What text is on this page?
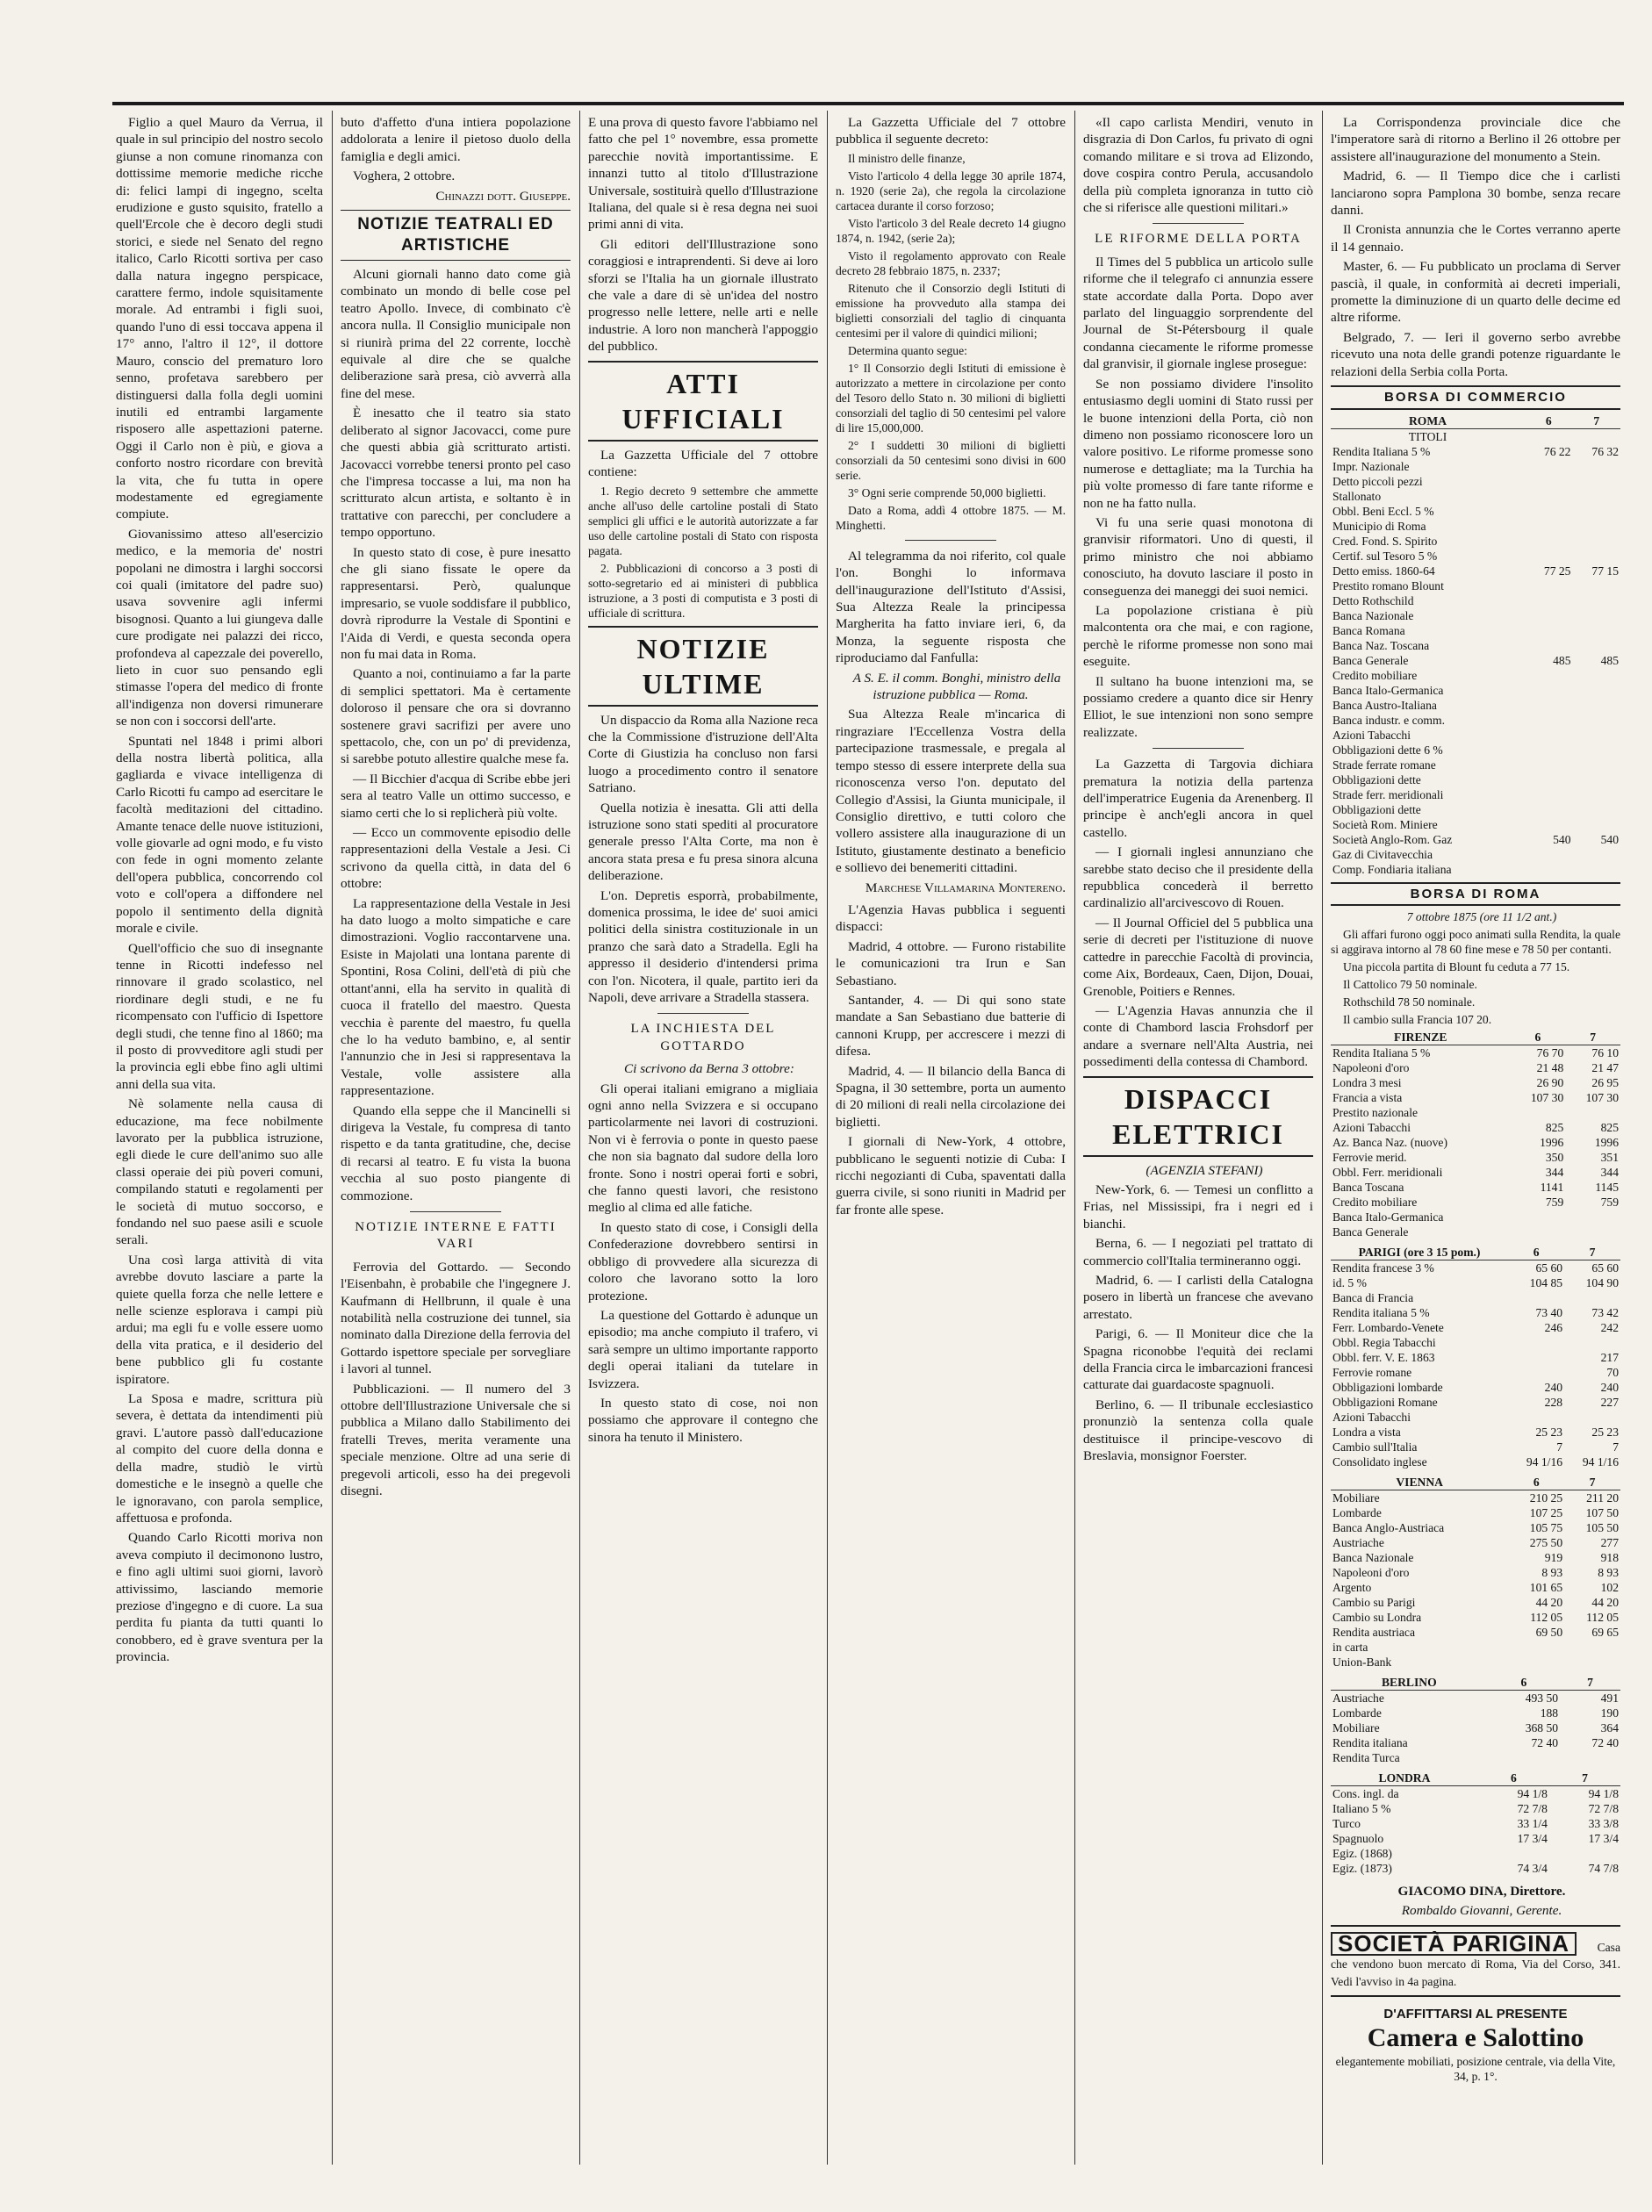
Figlio a quel Mauro da Verrua, il quale in sul principio del nostro secolo giunse a non comune rinomanza con dottissime memorie mediche ricche di: felici lampi di ingegno, scelta erudizione e gusto squisito, fratello a quell'Ercole che è decoro degli studi storici, e siede nel Senato del regno italico, Carlo Ricotti sortiva per caso dalla natura ingegno perspicace, carattere fermo, indole squisitamente morale. Ad entrambi i figli suoi, quando l'uno di essi toccava appena il 17° anno, l'altro il 12°, il dottore Mauro, conscio del prematuro loro senno, profetava sarebbero per distinguersi dalla folla degli uomini inutili ed entrambi largamente risposero alle aspettazioni paterne. Oggi il Carlo non è più, e giova a conforto nostro ricordare con brevità la vita, che fu tutta in opere modestamente ed egregiamente compiute.

Giovanissimo atteso all'esercizio medico, e la memoria de' nostri popolani ne dimostra i larghi soccorsi coi quali (imitatore del padre suo) usava sovvenire agli infermi bisognosi. Quanto a lui giungeva dalle cure prodigate nei palazzi dei ricco, profondeva al capezzale dei poverello, lieto in cuor suo pensando egli stimasse l'opera del medico di fronte all'indigenza non doversi rimunerare se non con i soccorsi dell'arte.

Spuntati nel 1848 i primi albori della nostra libertà politica, alla gagliarda e vivace intelligenza di Carlo Ricotti fu campo ad esercitare le facoltà meditazioni del cittadino. Amante tenace delle nuove istituzioni, volle giovarle ad ogni modo, e fu visto con fede in ogni momento zelante dell'opera pubblica, concorrendo col voto e coll'opera a diffondere nel popolo il sentimento della dignità morale e civile.

Quell'officio che suo di insegnante tenne in Ricotti indefesso nel rinnovare il grado scolastico, nel riordinare degli studi, e ne fu ricompensato con l'ufficio di Ispettore degli studi, che tenne fino al 1860; ma il posto di provveditore agli studi per la provincia egli ebbe fino agli ultimi anni della sua vita.

Nè solamente nella causa di educazione, ma fece nobilmente lavorato per la pubblica istruzione, egli diede le cure dell'animo suo alle classi operaie dei più poveri comuni, compilando statuti e regolamenti per le società di mutuo soccorso, e fondando nel suo paese asili e scuole serali.

Una così larga attività di vita avrebbe dovuto lasciare a parte la quiete quella forza che nelle lettere e nelle scienze esplorava i campi più ardui; ma egli fu e volle essere uomo della vita pratica, e il desiderio del bene pubblico gli fu costante ispiratore.

La Sposa e madre, scrittura più severa, è dettata da intendimenti più gravi. L'autore passò dall'educazione al compito del cuore della donna e della madre, studiò le virtù domestiche e le insegnò a quelle che le ignoravano, con parola semplice, affettuosa e profonda.

Quando Carlo Ricotti moriva non aveva compiuto il decimonono lustro, e fino agli ultimi suoi giorni, lavorò attivissimo, lasciando memorie preziose d'ingegno e di cuore. La sua perdita fu pianta da tutti quanti lo conobbero, ed è grave sventura per la provincia.

buto d'affetto d'una intiera popolazione addolorata a lenire il pietoso duolo della famiglia e degli amici.

Voghera, 2 ottobre.

Chinazzi dott. Giuseppe.
NOTIZIE TEATRALI ED ARTISTICHE

Alcuni giornali hanno dato come già combinato un mondo di belle cose pel teatro Apollo. Invece, di combinato c'è ancora nulla. Il Consiglio municipale non si riunirà prima del 22 corrente, locchè equivale al dire che se qualche deliberazione sarà presa, ciò avverrà alla fine del mese.

È inesatto che il teatro sia stato deliberato al signor Jacovacci, come pure che questi abbia già scritturato artisti. Jacovacci vorrebbe tenersi pronto pel caso che l'impresa toccasse a lui, ma non ha scritturato alcun artista, e soltanto è in trattative con parecchi, per concludere a tempo opportuno.

In questo stato di cose, è pure inesatto che gli siano fissate le opere da rappresentarsi. Però, qualunque impresario, se vuole soddisfare il pubblico, dovrà riprodurre la Vestale di Spontini e l'Aida di Verdi, e questa seconda opera non fu mai data in Roma.

Quanto a noi, continuiamo a far la parte di semplici spettatori. Ma è certamente doloroso il pensare che ora si dovranno sostenere gravi sacrifizi per avere uno spettacolo, che, con un po' di previdenza, si sarebbe potuto allestire qualche mese fa.

— Il Bicchier d'acqua di Scribe ebbe jeri sera al teatro Valle un ottimo successo, e siamo certi che lo si replicherà più volte.

— Ecco un commovente episodio delle rappresentazioni della Vestale a Jesi. Ci scrivono da quella città, in data del 6 ottobre:

La rappresentazione della Vestale in Jesi ha dato luogo a molto simpatiche e care dimostrazioni. Voglio raccontarvene una. Esiste in Majolati una lontana parente di Spontini, Rosa Colini, dell'età di più che ottant'anni, ella ha servito in qualità di cuoca il fratello del maestro. Questa vecchia è parente del maestro, fu quella che lo ha veduto bambino, e, al sentir l'annunzio che in Jesi si rappresentava la Vestale, volle assistere alla rappresentazione.

Quando ella seppe che il Mancinelli si dirigeva la Vestale, fu compresa di tanto rispetto e da tanta gratitudine, che, decise di recarsi al teatro. E fu vista la buona vecchia al suo posto piangente di commozione.

NOTIZIE INTERNE E FATTI VARI

Ferrovia del Gottardo. — Secondo l'Eisenbahn, è probabile che l'ingegnere J. Kaufmann di Hellbrunn, il quale è una notabilità nella costruzione dei tunnel, sia nominato dalla Direzione della ferrovia del Gottardo ispettore speciale per sorvegliare i lavori al tunnel.

Pubblicazioni. — Il numero del 3 ottobre dell'Illustrazione Universale che si pubblica a Milano dallo Stabilimento dei fratelli Treves, merita veramente una speciale menzione. Oltre ad una serie di pregevoli articoli, esso ha dei pregevoli disegni.

E una prova di questo favore l'abbiamo nel fatto che pel 1° novembre, essa promette parecchie novità importantissime. E innanzi tutto al titolo d'Illustrazione Universale, sostituirà quello d'Illustrazione Italiana, del quale si è resa degna nei suoi primi anni di vita.

Gli editori dell'Illustrazione sono coraggiosi e intraprendenti. Si deve ai loro sforzi se l'Italia ha un giornale illustrato che vale a dare di sè un'idea del nostro progresso nelle lettere, nelle arti e nelle industrie. A loro non mancherà l'appoggio del pubblico.

ATTI UFFICIALI

La Gazzetta Ufficiale del 7 ottobre contiene:

1. Regio decreto 9 settembre che ammette anche all'uso delle cartoline postali di Stato semplici gli uffici e le autorità autorizzate a far uso delle cartoline postali di Stato con risposta pagata.

2. Pubblicazioni di concorso a 3 posti di sotto-segretario ed ai ministeri di pubblica istruzione, a 3 posti di computista e 3 posti di ufficiale di scrittura.

NOTIZIE ULTIME

Un dispaccio da Roma alla Nazione reca che la Commissione d'istruzione dell'Alta Corte di Giustizia ha concluso non farsi luogo a procedimento contro il senatore Satriano.

Quella notizia è inesatta. Gli atti della istruzione sono stati spediti al procuratore generale presso l'Alta Corte, ma non è ancora stata presa e fu presa sinora alcuna deliberazione.

L'on. Depretis esporrà, probabilmente, domenica prossima, le idee de' suoi amici politici della sinistra costituzionale in un pranzo che sarà dato a Stradella. Egli ha appresso il desiderio d'intendersi prima con l'on. Nicotera, il quale, partito ieri da Napoli, deve arrivare a Stradella stassera.

LA INCHIESTA DEL GOTTARDO

Ci scrivono da Berna 3 ottobre:

Gli operai italiani emigrano a migliaia ogni anno nella Svizzera e si occupano particolarmente nei lavori di costruzioni. Non vi è ferrovia o ponte in questo paese che non sia bagnato dal sudore della loro fronte. Sono i nostri operai forti e sobri, che fanno questi lavori, che resistono meglio al clima ed alle fatiche.

In questo stato di cose, i Consigli della Confederazione dovrebbero sentirsi in obbligo di provvedere alla sicurezza di coloro che lavorano sotto la loro protezione.

La questione del Gottardo è adunque un episodio; ma anche compiuto il trafero, vi sarà sempre un ultimo importante rapporto degli operai italiani da tutelare in Isvizzera.

In questo stato di cose, noi non possiamo che approvare il contegno che sinora ha tenuto il Ministero.

La Gazzetta Ufficiale del 7 ottobre pubblica il seguente decreto:

Il ministro delle finanze,

Visto l'articolo 4 della legge 30 aprile 1874, n. 1920 (serie 2a), che regola la circolazione cartacea durante il corso forzoso;

Visto l'articolo 3 del Reale decreto 14 giugno 1874, n. 1942, (serie 2a);

Visto il regolamento approvato con Reale decreto 28 febbraio 1875, n. 2337;

Ritenuto che il Consorzio degli Istituti di emissione ha provveduto alla stampa dei biglietti consorziali del taglio di cinquanta centesimi per il valore di quindici milioni;

Determina quanto segue:

1° Il Consorzio degli Istituti di emissione è autorizzato a mettere in circolazione per conto del Tesoro dello Stato n. 30 milioni di biglietti consorziali del taglio di 50 centesimi pel valore di lire 15,000,000.

2° I suddetti 30 milioni di biglietti consorziali da 50 centesimi sono divisi in 600 serie.

3° Ogni serie comprende 50,000 biglietti.

Dato a Roma, addì 4 ottobre 1875. — M. Minghetti.

Al telegramma da noi riferito, col quale l'on. Bonghi lo informava dell'inaugurazione dell'Istituto d'Assisi, Sua Altezza Reale la principessa Margherita ha fatto inviare ieri, 6, da Monza, la seguente risposta che riproduciamo dal Fanfulla:

A S. E. il comm. Bonghi, ministro della istruzione pubblica — Roma.

Sua Altezza Reale m'incarica di ringraziare l'Eccellenza Vostra della partecipazione trasmessale, e pregala al tempo stesso di essere interprete della sua riconoscenza verso l'on. deputato del Collegio d'Assisi, la Giunta municipale, il Consiglio direttivo, e tutti coloro che vollero assistere alla inaugurazione di un Istituto, giustamente destinato a beneficio e sollievo dei benemeriti cittadini.

Marchese Villamarina Montereno.

L'Agenzia Havas pubblica i seguenti dispacci:

Madrid, 4 ottobre. — Furono ristabilite le comunicazioni tra Irun e San Sebastiano.

Santander, 4. — Di qui sono state mandate a San Sebastiano due batterie di cannoni Krupp, per accrescere i mezzi di difesa.

Madrid, 4. — Il bilancio della Banca di Spagna, il 30 settembre, porta un aumento di 20 milioni di reali nella circolazione dei biglietti.

I giornali di New-York, 4 ottobre, pubblicano le seguenti notizie di Cuba: I ricchi negozianti di Cuba, spaventati dalla guerra civile, si sono riuniti in Madrid per far fronte alle spese.

«Il capo carlista Mendiri, venuto in disgrazia di Don Carlos, fu privato di ogni comando militare e si trova ad Elizondo, dove cospira contro Perula, accusandolo della più completa ignoranza in tutto ciò che si riferisce alle questioni militari.»

LE RIFORME DELLA PORTA

Il Times del 5 pubblica un articolo sulle riforme che il telegrafo ci annunzia essere state accordate dalla Porta. Dopo aver parlato del linguaggio sorprendente del Journal de St-Pétersbourg il quale condanna ciecamente le riforme promesse dal granvisir, il giornale inglese prosegue:

Se non possiamo dividere l'insolito entusiasmo degli uomini di Stato russi per le buone intenzioni della Porta, ciò non dimeno non possiamo riconoscere loro un valore positivo. Le riforme promesse sono numerose e dettagliate; ma la Turchia ha più volte promesso di fare tante riforme e non ne ha fatto nulla.

Vi fu una serie quasi monotona di granvisir riformatori. Uno di questi, il primo ministro che noi abbiamo conosciuto, ha dovuto lasciare il posto in conseguenza dei maneggi dei suoi nemici.

La popolazione cristiana è più malcontenta ora che mai, e con ragione, perchè le riforme promesse non sono mai eseguite.

Il sultano ha buone intenzioni ma, se possiamo credere a quanto dice sir Henry Elliot, le sue intenzioni non sono sempre realizzate.

La Gazzetta di Targovia dichiara prematura la notizia della partenza dell'imperatrice Eugenia da Arenenberg. Il principe è anch'egli ancora in quel castello.

— I giornali inglesi annunziano che sarebbe stato deciso che il presidente della repubblica concederà il berretto cardinalizio all'arcivescovo di Rouen.

— Il Journal Officiel del 5 pubblica una serie di decreti per l'istituzione di nuove cattedre in parecchie Facoltà di provincia, come Aix, Bordeaux, Caen, Dijon, Douai, Grenoble, Poitiers e Rennes.

— L'Agenzia Havas annunzia che il conte di Chambord lascia Frohsdorf per andare a svernare nell'Alta Austria, nei possedimenti della contessa di Chambord.

DISPACCI ELETTRICI

(AGENZIA STEFANI)

New-York, 6. — Temesi un conflitto a Frias, nel Mississipi, fra i negri ed i bianchi.

Berna, 6. — I negoziati pel trattato di commercio coll'Italia termineranno oggi.

Madrid, 6. — I carlisti della Catalogna posero in libertà un francese che avevano arrestato.

Parigi, 6. — Il Moniteur dice che la Spagna riconobbe l'equità dei reclami della Francia circa le imbarcazioni francesi catturate dai guardacoste spagnuoli.

Berlino, 6. — Il tribunale ecclesiastico pronunziò la sentenza colla quale destituisce il principe-vescovo di Breslavia, monsignor Foerster.

La Corrispondenza provinciale dice che l'imperatore sarà di ritorno a Berlino il 26 ottobre per assistere all'inaugurazione del monumento a Stein.

Madrid, 6. — Il Tiempo dice che i carlisti lanciarono sopra Pamplona 30 bombe, senza recare danni.

Il Cronista annunzia che le Cortes verranno aperte il 14 gennaio.

Master, 6. — Fu pubblicato un proclama di Server pascià, il quale, in conformità ai decreti imperiali, promette la diminuzione di un quarto delle decime ed altre riforme.

Belgrado, 7. — Ieri il governo serbo avrebbe ricevuto una nota delle grandi potenze riguardante le relazioni della Serbia colla Porta.

BORSA DI COMMERCIO
ROMA	6	7
TITOLI		
Rendita Italiana 5 %	76 22	76 32
Impr. Nazionale		
Detto piccoli pezzi		
Stallonato		
Obbl. Beni Eccl. 5 %		
Municipio di Roma		
Cred. Fond. S. Spirito		
Certif. sul Tesoro 5 %		
Detto emiss. 1860-64	77 25	77 15
Prestito romano Blount		
Detto Rothschild		
Banca Nazionale		
Banca Romana		
Banca Naz. Toscana		
Banca Generale	485	485
Credito mobiliare		
Banca Italo-Germanica		
Banca Austro-Italiana		
Banca industr. e comm.		
Azioni Tabacchi		
Obbligazioni dette 6 %		
Strade ferrate romane		
Obbligazioni dette		
Strade ferr. meridionali		
Obbligazioni dette		
Società Rom. Miniere		
Società Anglo-Rom. Gaz	540	540
Gaz di Civitavecchia		
Comp. Fondiaria italiana		
BORSA DI ROMA

7 ottobre 1875 (ore 11 1/2 ant.)

Gli affari furono oggi poco animati sulla Rendita, la quale si aggirava intorno al 78 60 fine mese e 78 50 per contanti.

Una piccola partita di Blount fu ceduta a 77 15.

Il Cattolico 79 50 nominale.

Rothschild 78 50 nominale.

Il cambio sulla Francia 107 20.

FIRENZE	6	7
Rendita Italiana 5 %	76 70	76 10
Napoleoni d'oro	21 48	21 47
Londra 3 mesi	26 90	26 95
Francia a vista	107 30	107 30
Prestito nazionale		
Azioni Tabacchi	825	825
Az. Banca Naz. (nuove)	1996	1996
Ferrovie merid.	350	351
Obbl. Ferr. meridionali	344	344
Banca Toscana	1141	1145
Credito mobiliare	759	759
Banca Italo-Germanica		
Banca Generale		
PARIGI (ore 3 15 pom.)	6	7
Rendita francese 3 %	65 60	65 60
id. 5 %	104 85	104 90
Banca di Francia		
Rendita italiana 5 %	73 40	73 42
Ferr. Lombardo-Venete	246	242
Obbl. Regia Tabacchi		
Obbl. ferr. V. E. 1863		217
Ferrovie romane		70
Obbligazioni lombarde	240	240
Obbligazioni Romane	228	227
Azioni Tabacchi		
Londra a vista	25 23	25 23
Cambio sull'Italia	7	7
Consolidato inglese	94 1/16	94 1/16
VIENNA	6	7
Mobiliare	210 25	211 20
Lombarde	107 25	107 50
Banca Anglo-Austriaca	105 75	105 50
Austriache	275 50	277
Banca Nazionale	919	918
Napoleoni d'oro	8 93	8 93
Argento	101 65	102
Cambio su Parigi	44 20	44 20
Cambio su Londra	112 05	112 05
Rendita austriaca	69 50	69 65
in carta		
Union-Bank		
BERLINO	6	7
Austriache	493 50	491
Lombarde	188	190
Mobiliare	368 50	364
Rendita italiana	72 40	72 40
Rendita Turca		
LONDRA	6	7
Cons. ingl. da	94 1/8	94 1/8
Italiano 5 %	72 7/8	72 7/8
Turco	33 1/4	33 3/8
Spagnuolo	17 3/4	17 3/4
Egiz. (1868)		
Egiz. (1873)	74 3/4	74 7/8

GIACOMO DINA, Direttore.

Rombaldo Giovanni, Gerente.

SOCIETÀ PARIGINA Casa che vendono buon mercato di Roma, Via del Corso, 341. Vedi l'avviso in 4a pagina.
D'AFFITTARSI AL PRESENTE
Camera e Salottino

elegantemente mobiliati, posizione centrale, via della Vite, 34, p. 1°.
